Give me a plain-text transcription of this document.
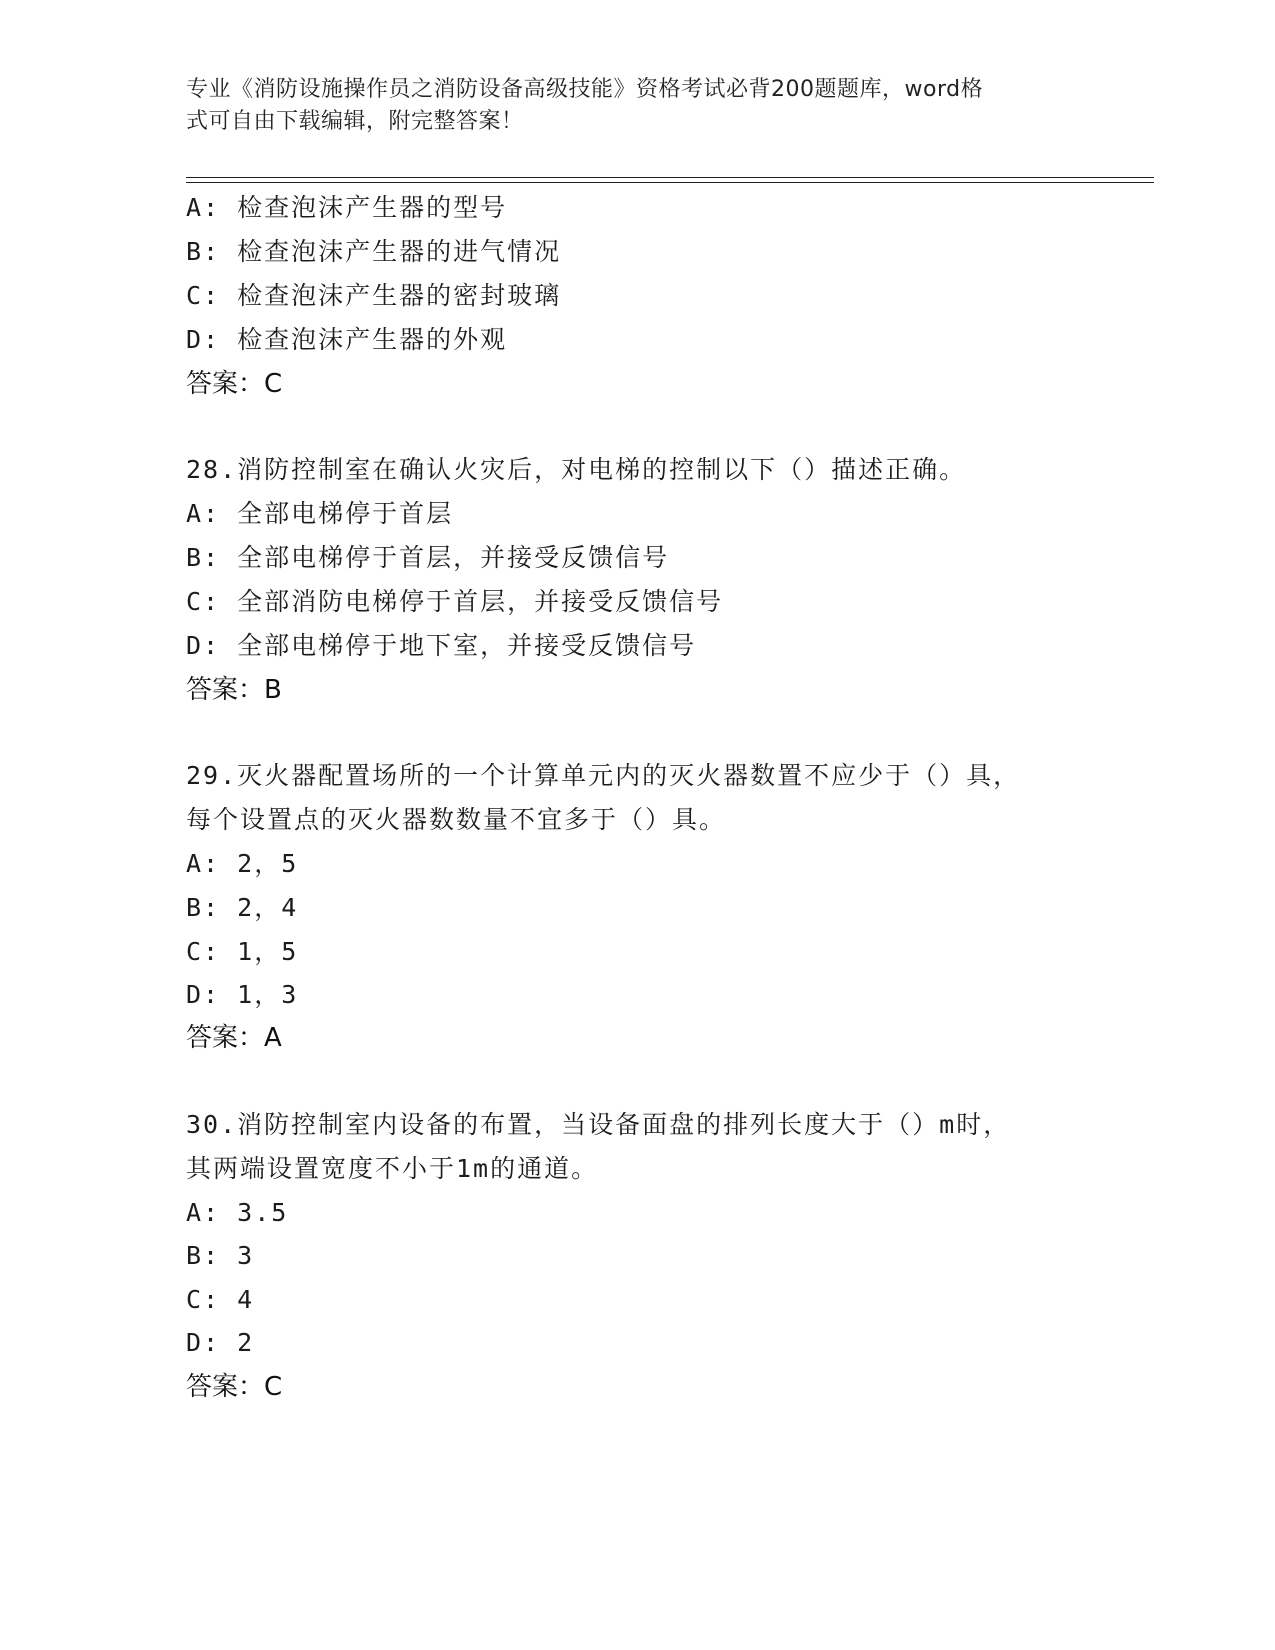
专业《消防设施操作员之消防设备高级技能》资格考试必背200题题库，word格

式可自由下载编辑，附完整答案！

A: 检查泡沫产生器的型号
B: 检查泡沫产生器的进气情况
C: 检查泡沫产生器的密封玻璃
D: 检查泡沫产生器的外观
答案：C
28.消防控制室在确认火灾后，对电梯的控制以下（）描述正确。
A: 全部电梯停于首层
B: 全部电梯停于首层，并接受反馈信号
C: 全部消防电梯停于首层，并接受反馈信号
D: 全部电梯停于地下室，并接受反馈信号
答案：B
29.灭火器配置场所的一个计算单元内的灭火器数置不应少于（）具，
每个设置点的灭火器数数量不宜多于（）具。
A: 2，5
B: 2，4
C: 1，5
D: 1，3
答案：A
30.消防控制室内设备的布置，当设备面盘的排列长度大于（）m时，
其两端设置宽度不小于1m的通道。
A: 3.5
B: 3
C: 4
D: 2
答案：C
